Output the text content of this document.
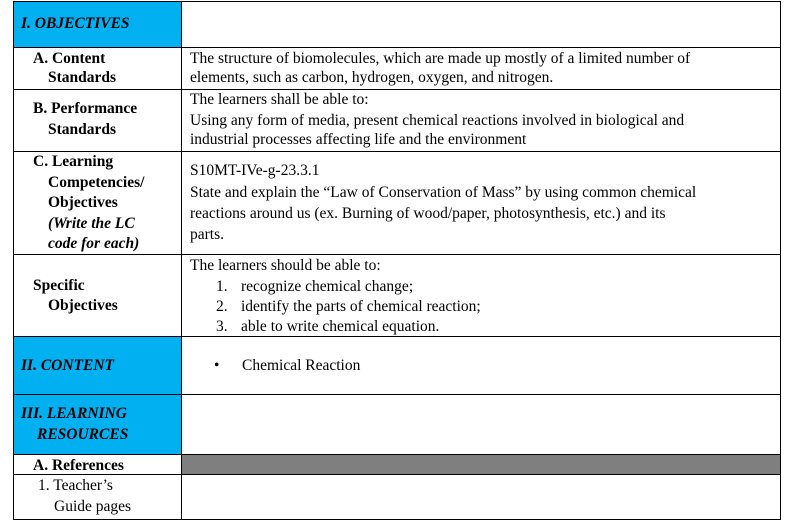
I. OBJECTIVES
A. Content
Standards
The structure of biomolecules, which are made up mostly of a limited number of
elements, such as carbon, hydrogen, oxygen, and nitrogen.
B. Performance
Standards
The learners shall be able to:
Using any form of media, present chemical reactions involved in biological and
industrial processes affecting life and the environment
C. Learning
Competencies/
Objectives
(Write the LC
code for each)
S10MT-IVe-g-23.3.1
State and explain the “Law of Conservation of Mass” by using common chemical
reactions around us (ex. Burning of wood/paper, photosynthesis, etc.) and its
parts.
Specific
Objectives
The learners should be able to:
1. recognize chemical change;
2. identify the parts of chemical reaction;
3. able to write chemical equation.
II. CONTENT	• Chemical Reaction
III. LEARNING
RESOURCES
A. References
1. Teacher’s
Guide pages
